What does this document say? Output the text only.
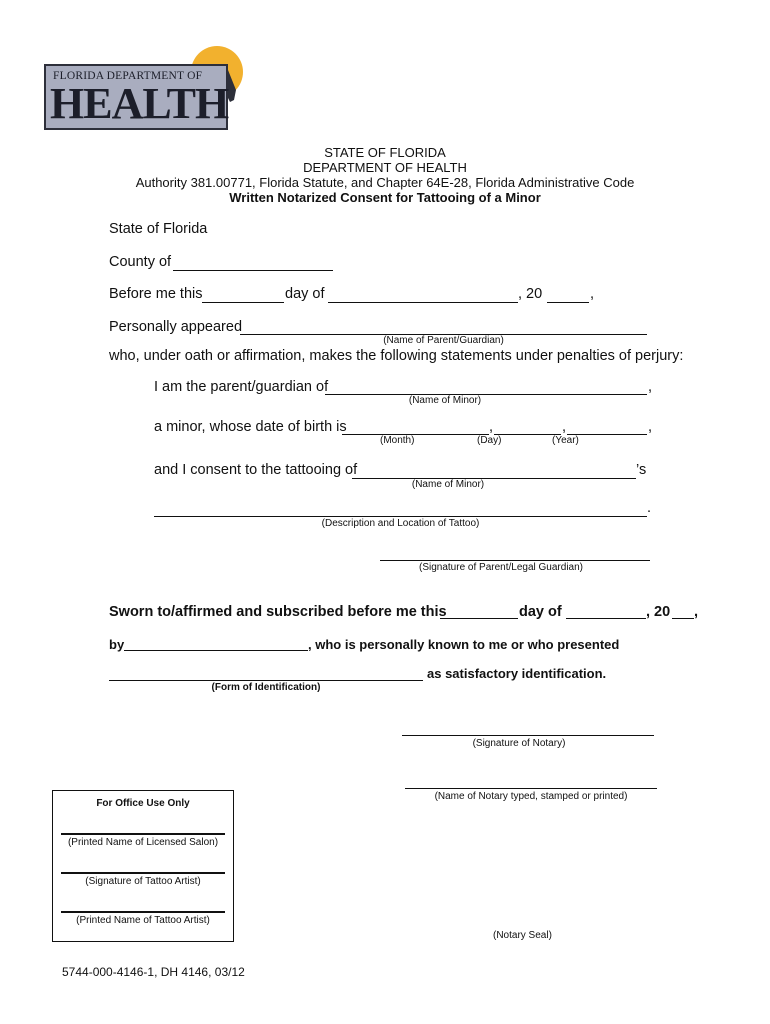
FLORIDA DEPARTMENT OF
HEALTH
STATE OF FLORIDA
DEPARTMENT OF HEALTH
Authority 381.00771, Florida Statute, and Chapter 64E-28, Florida Administrative Code
Written Notarized Consent for Tattooing of a Minor
State of Florida
County of
Before me this	day of	, 20	,
Personally appeared
(Name of Parent/Guardian)
who, under oath or affirmation, makes the following statements under penalties of perjury:
I am the parent/guardian of	,
(Name of Minor)
a minor, whose date of birth is	,	,	,
(Month)	(Day)	(Year)
and I consent to the tattooing of	’s
(Name of Minor)
.
(Description and Location of Tattoo)
(Signature of Parent/Legal Guardian)
Sworn to/affirmed and subscribed before me this	day of	, 20 ,
by	, who is personally known to me or who presented
as satisfactory identification.
(Form of Identification)
(Signature of Notary)
(Name of Notary typed, stamped or printed)
(Notary Seal)
For Office Use Only
(Printed Name of Licensed Salon)
(Signature of Tattoo Artist)
(Printed Name of Tattoo Artist)
5744-000-4146-1, DH 4146, 03/12
